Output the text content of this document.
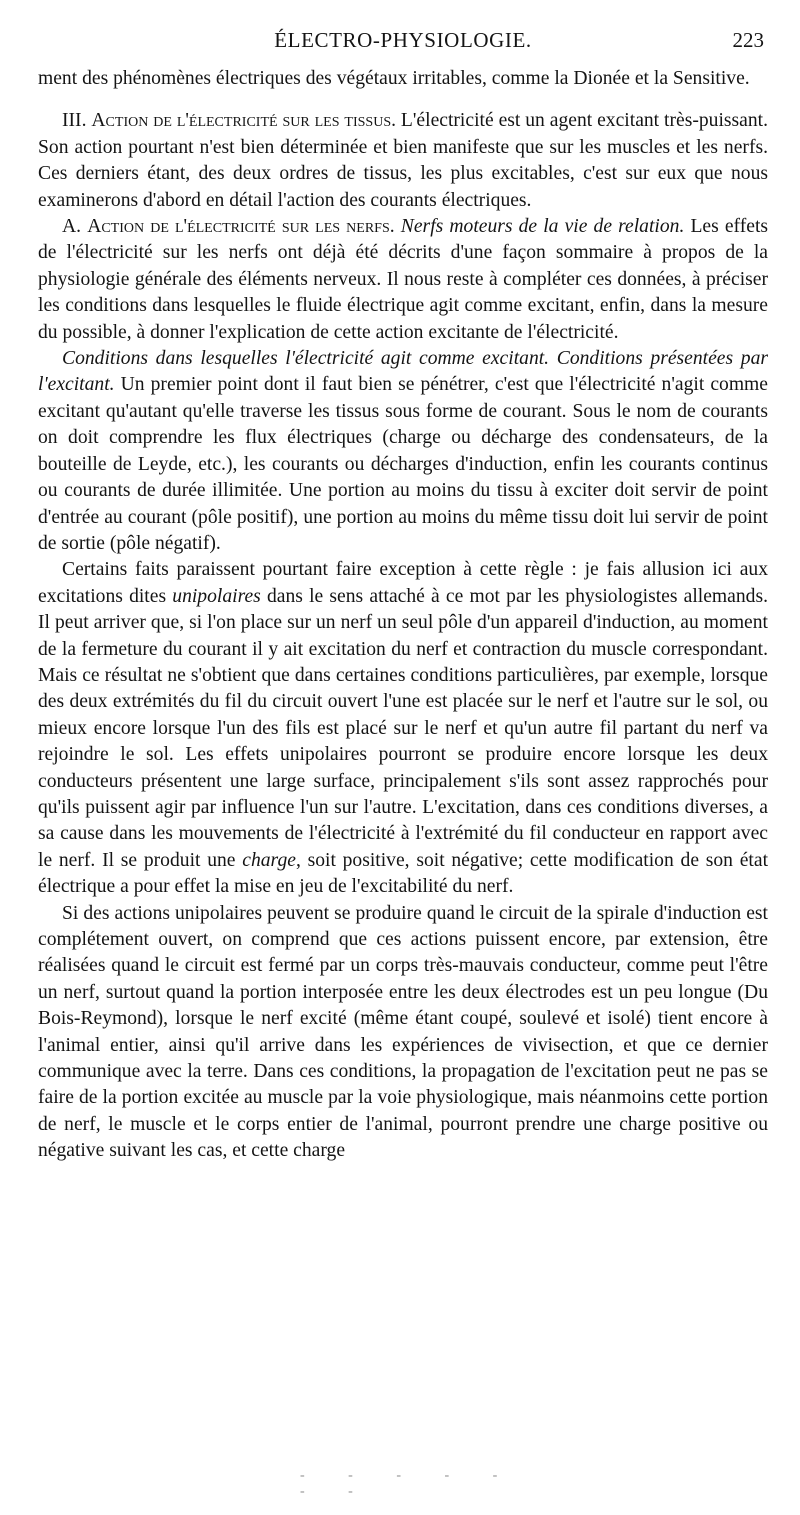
ÉLECTRO-PHYSIOLOGIE.	223

ment des phénomènes électriques des végétaux irritables, comme la Dionée et la Sensitive.

III. Action de l'électricité sur les tissus. L'électricité est un agent excitant très-puissant. Son action pourtant n'est bien déterminée et bien manifeste que sur les muscles et les nerfs. Ces derniers étant, des deux ordres de tissus, les plus excitables, c'est sur eux que nous examinerons d'abord en détail l'action des courants électriques.

A. Action de l'électricité sur les nerfs. Nerfs moteurs de la vie de relation. Les effets de l'électricité sur les nerfs ont déjà été décrits d'une façon sommaire à propos de la physiologie générale des éléments nerveux. Il nous reste à compléter ces données, à préciser les conditions dans lesquelles le fluide électrique agit comme excitant, enfin, dans la mesure du possible, à donner l'explication de cette action excitante de l'électricité.

Conditions dans lesquelles l'électricité agit comme excitant. Conditions présentées par l'excitant. Un premier point dont il faut bien se pénétrer, c'est que l'électricité n'agit comme excitant qu'autant qu'elle traverse les tissus sous forme de courant. Sous le nom de courants on doit comprendre les flux électriques (charge ou décharge des condensateurs, de la bouteille de Leyde, etc.), les courants ou décharges d'induction, enfin les courants continus ou courants de durée illimitée. Une portion au moins du tissu à exciter doit servir de point d'entrée au courant (pôle positif), une portion au moins du même tissu doit lui servir de point de sortie (pôle négatif).

Certains faits paraissent pourtant faire exception à cette règle : je fais allusion ici aux excitations dites unipolaires dans le sens attaché à ce mot par les physiologistes allemands. Il peut arriver que, si l'on place sur un nerf un seul pôle d'un appareil d'induction, au moment de la fermeture du courant il y ait excitation du nerf et contraction du muscle correspondant. Mais ce résultat ne s'obtient que dans certaines conditions particulières, par exemple, lorsque des deux extrémités du fil du circuit ouvert l'une est placée sur le nerf et l'autre sur le sol, ou mieux encore lorsque l'un des fils est placé sur le nerf et qu'un autre fil partant du nerf va rejoindre le sol. Les effets unipolaires pourront se produire encore lorsque les deux conducteurs présentent une large surface, principalement s'ils sont assez rapprochés pour qu'ils puissent agir par influence l'un sur l'autre. L'excitation, dans ces conditions diverses, a sa cause dans les mouvements de l'électricité à l'extrémité du fil conducteur en rapport avec le nerf. Il se produit une charge, soit positive, soit négative; cette modification de son état électrique a pour effet la mise en jeu de l'excitabilité du nerf.

Si des actions unipolaires peuvent se produire quand le circuit de la spirale d'induction est complétement ouvert, on comprend que ces actions puissent encore, par extension, être réalisées quand le circuit est fermé par un corps très-mauvais conducteur, comme peut l'être un nerf, surtout quand la portion interposée entre les deux électrodes est un peu longue (Du Bois-Reymond), lorsque le nerf excité (même étant coupé, soulevé et isolé) tient encore à l'animal entier, ainsi qu'il arrive dans les expériences de vivisection, et que ce dernier communique avec la terre. Dans ces conditions, la propagation de l'excitation peut ne pas se faire de la portion excitée au muscle par la voie physiologique, mais néanmoins cette portion de nerf, le muscle et le corps entier de l'animal, pourront prendre une charge positive ou négative suivant les cas, et cette charge

- - - - - - -
